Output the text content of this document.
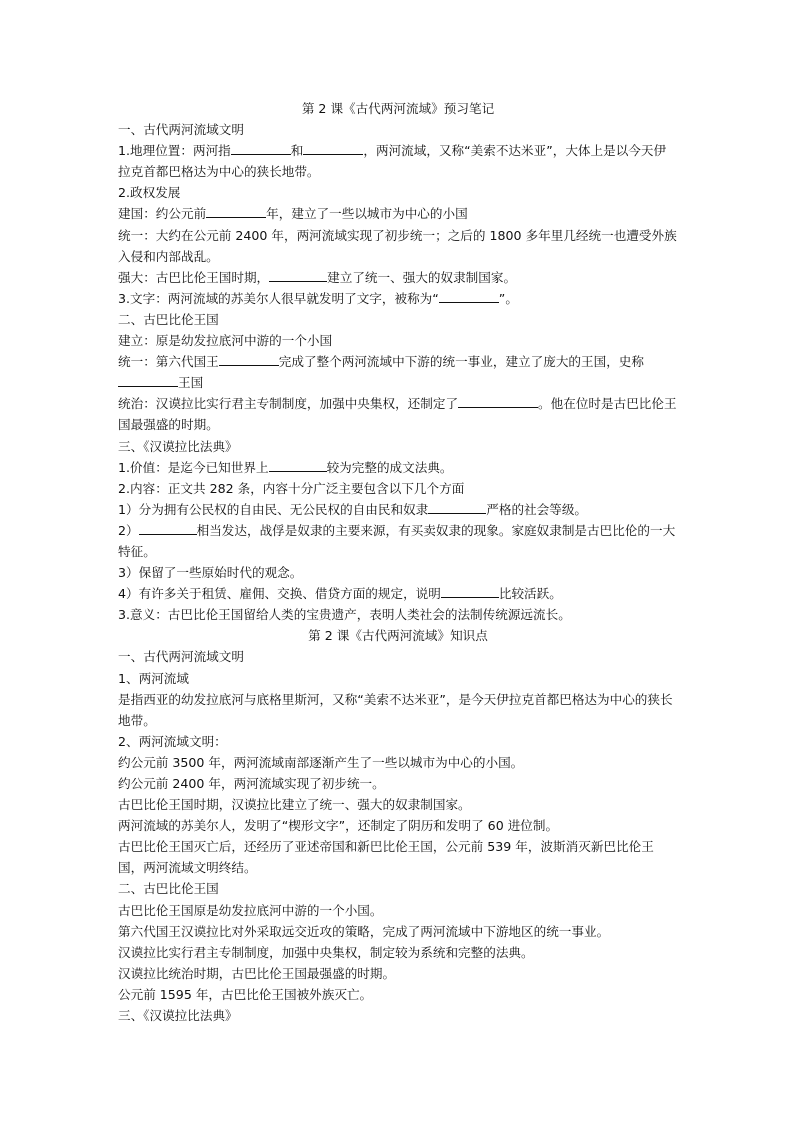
第 2 课《古代两河流域》预习笔记
一、古代两河流域文明
1.地理位置：两河指	和	，两河流域，又称“美索不达米亚”，大体上是以今天伊拉克首都巴格达为中心的狭长地带。
2.政权发展
建国：约公元前	年，建立了一些以城市为中心的小国
统一：大约在公元前 2400 年，两河流域实现了初步统一；之后的 1800 多年里几经统一也遭受外族入侵和内部战乱。
强大：古巴比伦王国时期，	建立了统一、强大的奴隶制国家。
3.文字：两河流域的苏美尔人很早就发明了文字，被称为“	”。
二、古巴比伦王国
建立：原是幼发拉底河中游的一个小国
统一：第六代国王	完成了整个两河流域中下游的统一事业，建立了庞大的王国，史称王国
统治：汉谟拉比实行君主专制制度，加强中央集权，还制定了	。他在位时是古巴比伦王国最强盛的时期。
三、《汉谟拉比法典》
1.价值：是迄今已知世界上	较为完整的成文法典。
2.内容：正文共 282 条，内容十分广泛主要包含以下几个方面
1）分为拥有公民权的自由民、无公民权的自由民和奴隶	严格的社会等级。
2）	相当发达，战俘是奴隶的主要来源，有买卖奴隶的现象。家庭奴隶制是古巴比伦的一大特征。
3）保留了一些原始时代的观念。
4）有许多关于租赁、雇佣、交换、借贷方面的规定，说明	比较活跃。
3.意义：古巴比伦王国留给人类的宝贵遗产，表明人类社会的法制传统源远流长。
第 2 课《古代两河流域》知识点
一、古代两河流域文明
1、两河流域
是指西亚的幼发拉底河与底格里斯河，又称“美索不达米亚”，是今天伊拉克首都巴格达为中心的狭长地带。
2、两河流域文明：
约公元前 3500 年，两河流域南部逐渐产生了一些以城市为中心的小国。
约公元前 2400 年，两河流域实现了初步统一。
古巴比伦王国时期，汉谟拉比建立了统一、强大的奴隶制国家。
两河流域的苏美尔人，发明了“楔形文字”，还制定了阴历和发明了 60 进位制。
古巴比伦王国灭亡后，还经历了亚述帝国和新巴比伦王国，公元前 539 年，波斯消灭新巴比伦王国，两河流域文明终结。
二、古巴比伦王国
古巴比伦王国原是幼发拉底河中游的一个小国。
第六代国王汉谟拉比对外采取远交近攻的策略，完成了两河流域中下游地区的统一事业。
汉谟拉比实行君主专制制度，加强中央集权，制定较为系统和完整的法典。
汉谟拉比统治时期，古巴比伦王国最强盛的时期。
公元前 1595 年，古巴比伦王国被外族灭亡。
三、《汉谟拉比法典》
